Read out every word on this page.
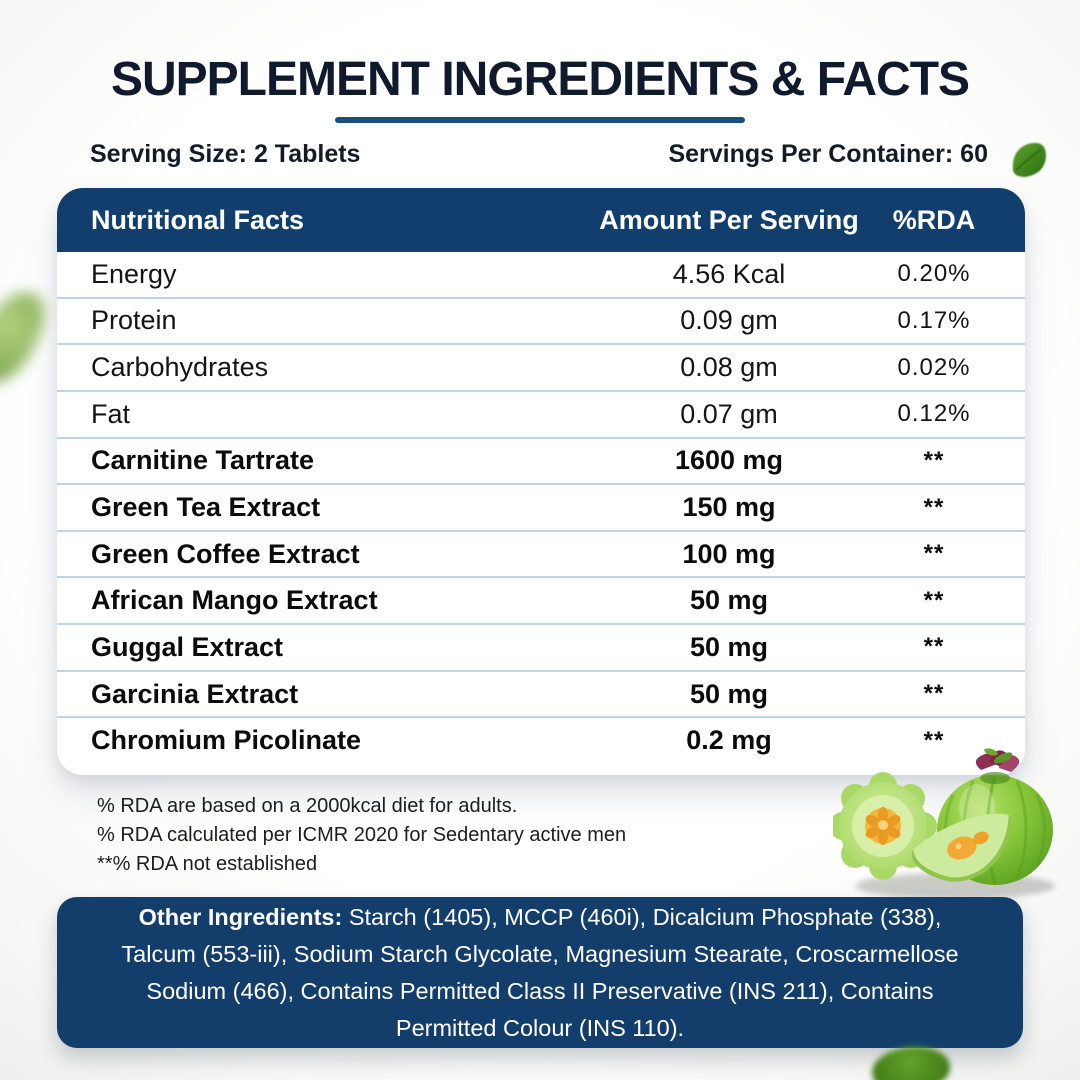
SUPPLEMENT INGREDIENTS & FACTS
Serving Size: 2 Tablets	Servings Per Container: 60
Nutritional Facts	Amount Per Serving	%RDA
Energy	4.56 Kcal	0.20%
Protein	0.09 gm	0.17%
Carbohydrates	0.08 gm	0.02%
Fat	0.07 gm	0.12%
Carnitine Tartrate	1600 mg	**
Green Tea Extract	150 mg	**
Green Coffee Extract	100 mg	**
African Mango Extract	50 mg	**
Guggal Extract	50 mg	**
Garcinia Extract	50 mg	**
Chromium Picolinate	0.2 mg	**
% RDA are based on a 2000kcal diet for adults.
% RDA calculated per ICMR 2020 for Sedentary active men
**% RDA not established

Other Ingredients: Starch (1405), MCCP (460i), Dicalcium Phosphate (338), Talcum (553-iii), Sodium Starch Glycolate, Magnesium Stearate, Croscarmellose Sodium (466), Contains Permitted Class II Preservative (INS 211), Contains Permitted Colour (INS 110).
